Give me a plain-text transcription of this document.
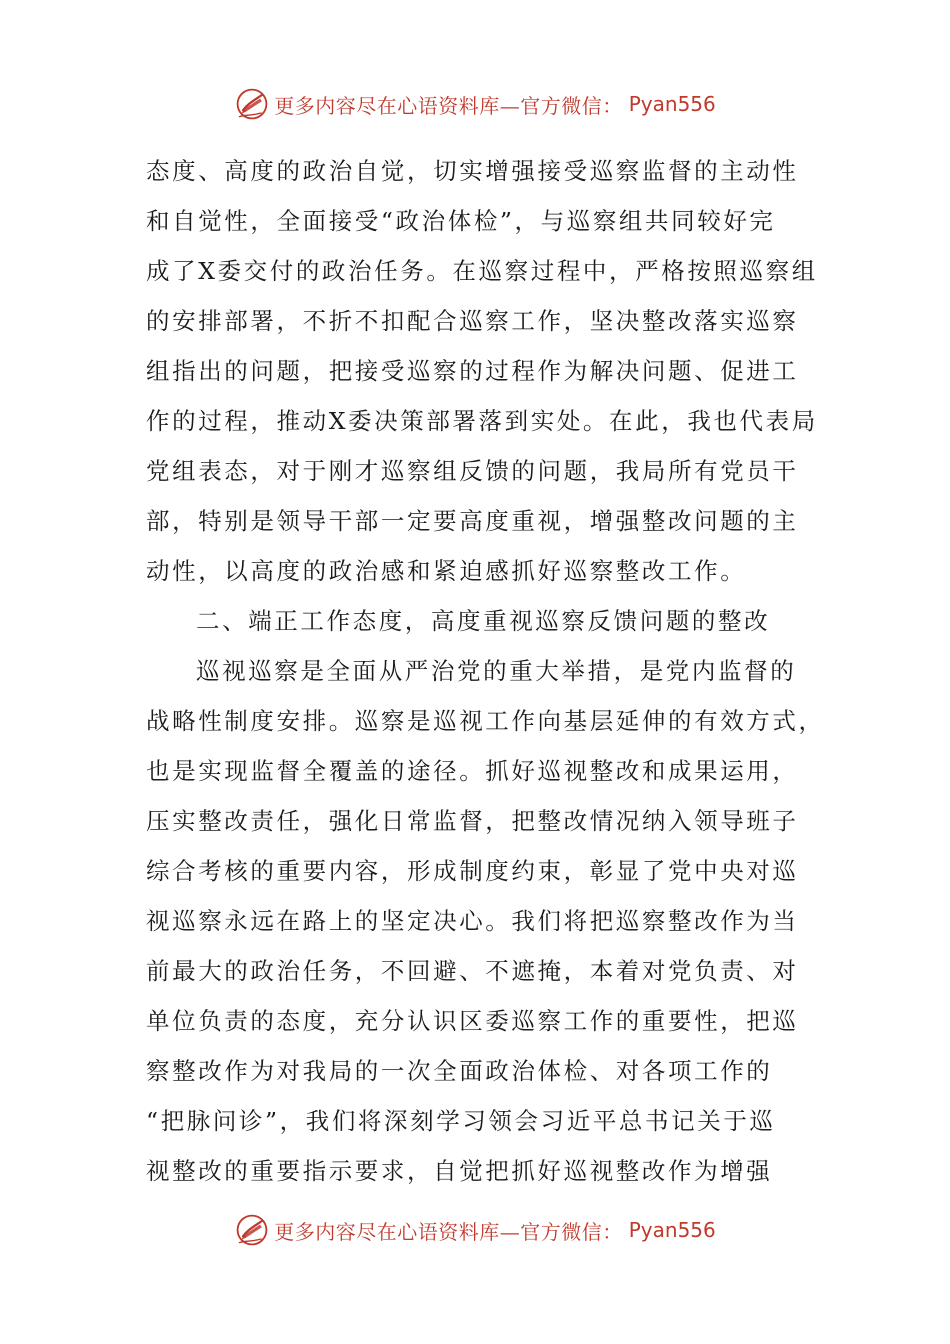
更多内容尽在心语资料库—官方微信： Pyan556
态度、高度的政治自觉，切实增强接受巡察监督的主动性
和自觉性，全面接受“政治体检”，与巡察组共同较好完
成了X委交付的政治任务。在巡察过程中，严格按照巡察组
的安排部署，不折不扣配合巡察工作，坚决整改落实巡察
组指出的问题，把接受巡察的过程作为解决问题、促进工
作的过程，推动X委决策部署落到实处。在此，我也代表局
党组表态，对于刚才巡察组反馈的问题，我局所有党员干
部，特别是领导干部一定要高度重视，增强整改问题的主
动性，以高度的政治感和紧迫感抓好巡察整改工作。
二、端正工作态度，高度重视巡察反馈问题的整改
巡视巡察是全面从严治党的重大举措，是党内监督的
战略性制度安排。巡察是巡视工作向基层延伸的有效方式，
也是实现监督全覆盖的途径。抓好巡视整改和成果运用，
压实整改责任，强化日常监督，把整改情况纳入领导班子
综合考核的重要内容，形成制度约束，彰显了党中央对巡
视巡察永远在路上的坚定决心。我们将把巡察整改作为当
前最大的政治任务，不回避、不遮掩，本着对党负责、对
单位负责的态度，充分认识区委巡察工作的重要性，把巡
察整改作为对我局的一次全面政治体检、对各项工作的
“把脉问诊”，我们将深刻学习领会习近平总书记关于巡
视整改的重要指示要求，自觉把抓好巡视整改作为增强
更多内容尽在心语资料库—官方微信： Pyan556
